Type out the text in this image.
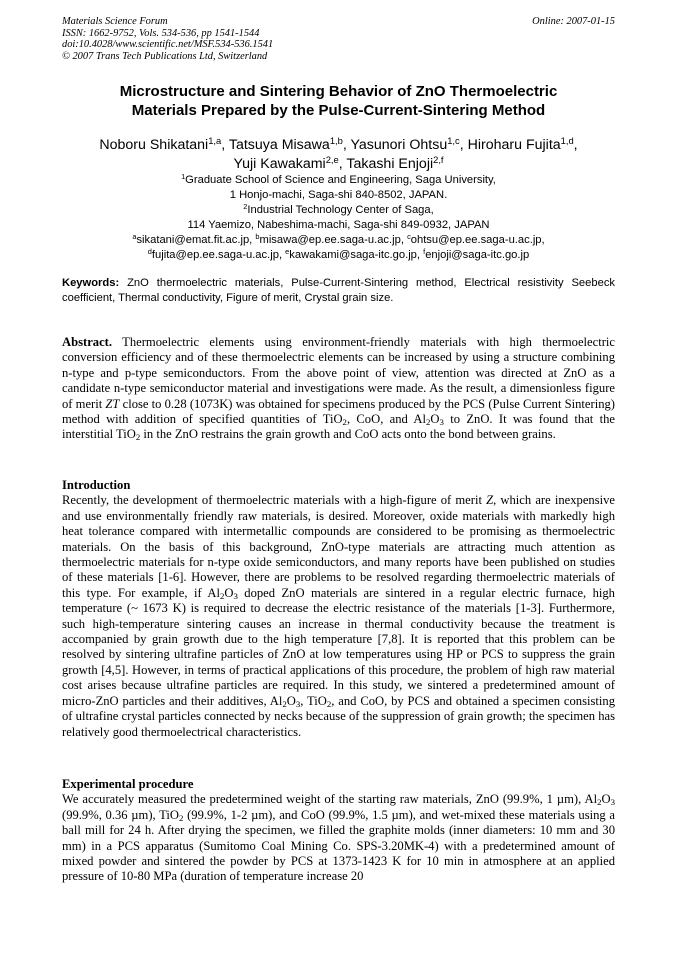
Materials Science Forum
ISSN: 1662-9752, Vols. 534-536, pp 1541-1544
doi:10.4028/www.scientific.net/MSF.534-536.1541
© 2007 Trans Tech Publications Ltd, Switzerland
Online: 2007-01-15
Microstructure and Sintering Behavior of ZnO Thermoelectric
Materials Prepared by the Pulse-Current-Sintering Method
Noboru Shikatani$^{1,a}$, Tatsuya Misawa$^{1,b}$, Yasunori Ohtsu$^{1,c}$, Hiroharu Fujita$^{1,d}$,
Yuji Kawakami$^{2,e}$, Takashi Enjoji$^{2,f}$
$^1$Graduate School of Science and Engineering, Saga University,
1 Honjo-machi, Saga-shi 840-8502, JAPAN.
$^2$Industrial Technology Center of Saga,
114 Yaemizo, Nabeshima-machi, Saga-shi 849-0932, JAPAN
$^a$sikatani@emat.fit.ac.jp, $^b$misawa@ep.ee.saga-u.ac.jp, $^c$ohtsu@ep.ee.saga-u.ac.jp,
$^d$fujita@ep.ee.saga-u.ac.jp, $^e$kawakami@saga-itc.go.jp, $^f$enjoji@saga-itc.go.jp
Keywords: ZnO thermoelectric materials, Pulse-Current-Sintering method, Electrical resistivity Seebeck coefficient, Thermal conductivity, Figure of merit, Crystal grain size.
Abstract. Thermoelectric elements using environment-friendly materials with high thermoelectric conversion efficiency and of these thermoelectric elements can be increased by using a structure combining n-type and p-type semiconductors. From the above point of view, attention was directed at ZnO as a candidate n-type semiconductor material and investigations were made. As the result, a dimensionless figure of merit ZT close to 0.28 (1073K) was obtained for specimens produced by the PCS (Pulse Current Sintering) method with addition of specified quantities of TiO$_2$, CoO, and $Al_2O_3$ to ZnO. It was found that the interstitial TiO$_2$ in the ZnO restrains the grain growth and CoO acts onto the bond between grains.
Introduction
Recently, the development of thermoelectric materials with a high-figure of merit Z, which are inexpensive and use environmentally friendly raw materials, is desired. Moreover, oxide materials with markedly high heat tolerance compared with intermetallic compounds are considered to be promising as thermoelectric materials. On the basis of this background, ZnO-type materials are attracting much attention as thermoelectric materials for n-type oxide semiconductors, and many reports have been published on studies of these materials [1-6]. However, there are problems to be resolved regarding thermoelectric materials of this type. For example, if $Al_2O_3$ doped ZnO materials are sintered in a regular electric furnace, high temperature (~ 1673 K) is required to decrease the electric resistance of the materials [1-3]. Furthermore, such high-temperature sintering causes an increase in thermal conductivity because the treatment is accompanied by grain growth due to the high temperature [7,8]. It is reported that this problem can be resolved by sintering ultrafine particles of ZnO at low temperatures using HP or PCS to suppress the grain growth [4,5]. However, in terms of practical applications of this procedure, the problem of high raw material cost arises because ultrafine particles are required. In this study, we sintered a predetermined amount of micro-ZnO particles and their additives, $Al_2O_3$, TiO$_2$, and CoO, by PCS and obtained a specimen consisting of ultrafine crystal particles connected by necks because of the suppression of grain growth; the specimen has relatively good thermoelectrical characteristics.
Experimental procedure
We accurately measured the predetermined weight of the starting raw materials, ZnO (99.9%, 1 µm), $Al_2O_3$ (99.9%, 0.36 µm), TiO$_2$ (99.9%, 1-2 µm), and CoO (99.9%, 1.5 µm), and wet-mixed these materials using a ball mill for 24 h. After drying the specimen, we filled the graphite molds (inner diameters: 10 mm and 30 mm) in a PCS apparatus (Sumitomo Coal Mining Co. SPS-3.20MK-4) with a predetermined amount of mixed powder and sintered the powder by PCS at 1373-1423 K for 10 min in atmosphere at an applied pressure of 10-80 MPa (duration of temperature increase 20
